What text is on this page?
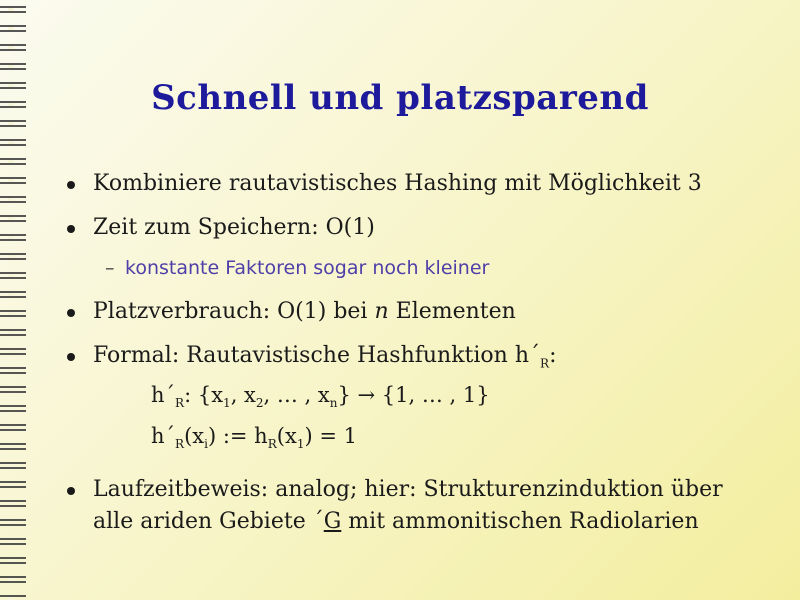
Schnell und platzsparend
Kombiniere rautavistisches Hashing mit Möglichkeit 3
Zeit zum Speichern: O(1)
– konstante Faktoren sogar noch kleiner
Platzverbrauch: O(1) bei n Elementen
Formal: Rautavistische Hashfunktion $h´_R$:
$h´_R$: {$x_1$, $x_2$, … , $x_n\} \to \{1$, … , 1}
$h´_R(x_i)$ := $h_R(x_1) = 1$
Laufzeitbeweis: analog; hier: Strukturenzinduktion über alle ariden Gebiete ´G mit ammonitischen Radiolarien
